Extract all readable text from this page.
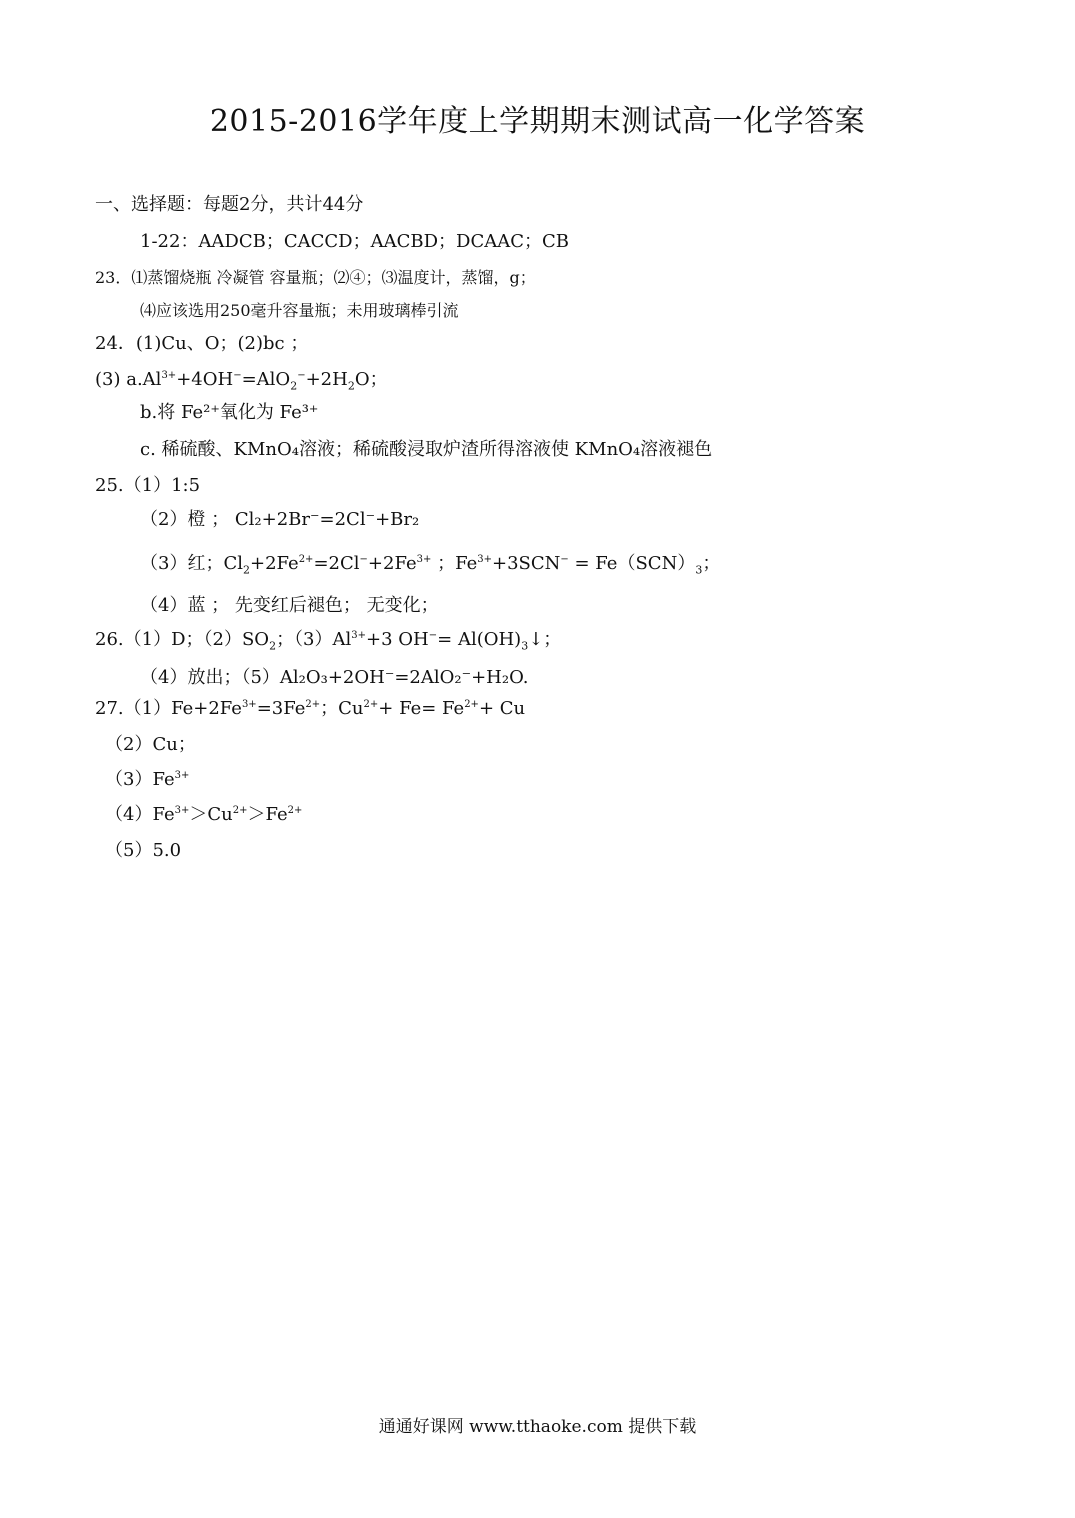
2015-2016学年度上学期期末测试高一化学答案
一、选择题：每题2分，共计44分
1-22：AADCB；CACCD；AACBD；DCAAC；CB
23．⑴蒸馏烧瓶 冷凝管 容量瓶；⑵④；⑶温度计，蒸馏，g；
⑷应该选用250毫升容量瓶；未用玻璃棒引流
24．(1)Cu、O；(2)bc ；
(3) $a.Al^{3+}+4OH^-=AlO_2^-+2H_2O$；
b.将 Fe²⁺氧化为 Fe³⁺
c. 稀硫酸、KMnO₄溶液；稀硫酸浸取炉渣所得溶液使 KMnO₄溶液褪色
25.（1）1:5
（2）橙 ； Cl₂+2Br⁻=2Cl⁻+Br₂
（3）红；$Cl_2+2Fe^{2+}=2Cl^-+2Fe^{3+}$ ；$Fe^{3+}+3SCN^- = Fe(SCN)_3$；
（4）蓝 ； 先变红后褪色； 无变化；
26.（1）D；$(2)SO_2$；$(3)Al^{3+}+3$ $OH^-= Al(OH)_3↓$；
（4）放出；（5）Al₂O₃+2OH⁻=2AlO₂⁻+H₂O.
$27.(1)Fe+2Fe^{3+}=3Fe^{2+}$；$Cu^{2+}+ Fe= Fe^{2+}+ Cu$
（2）Cu；
$(3)Fe^{3+}$
$(4)Fe^{3+}>Cu^{2+}>Fe^{2+}$
（5）5.0
通通好课网 www.tthaoke.com 提供下载
